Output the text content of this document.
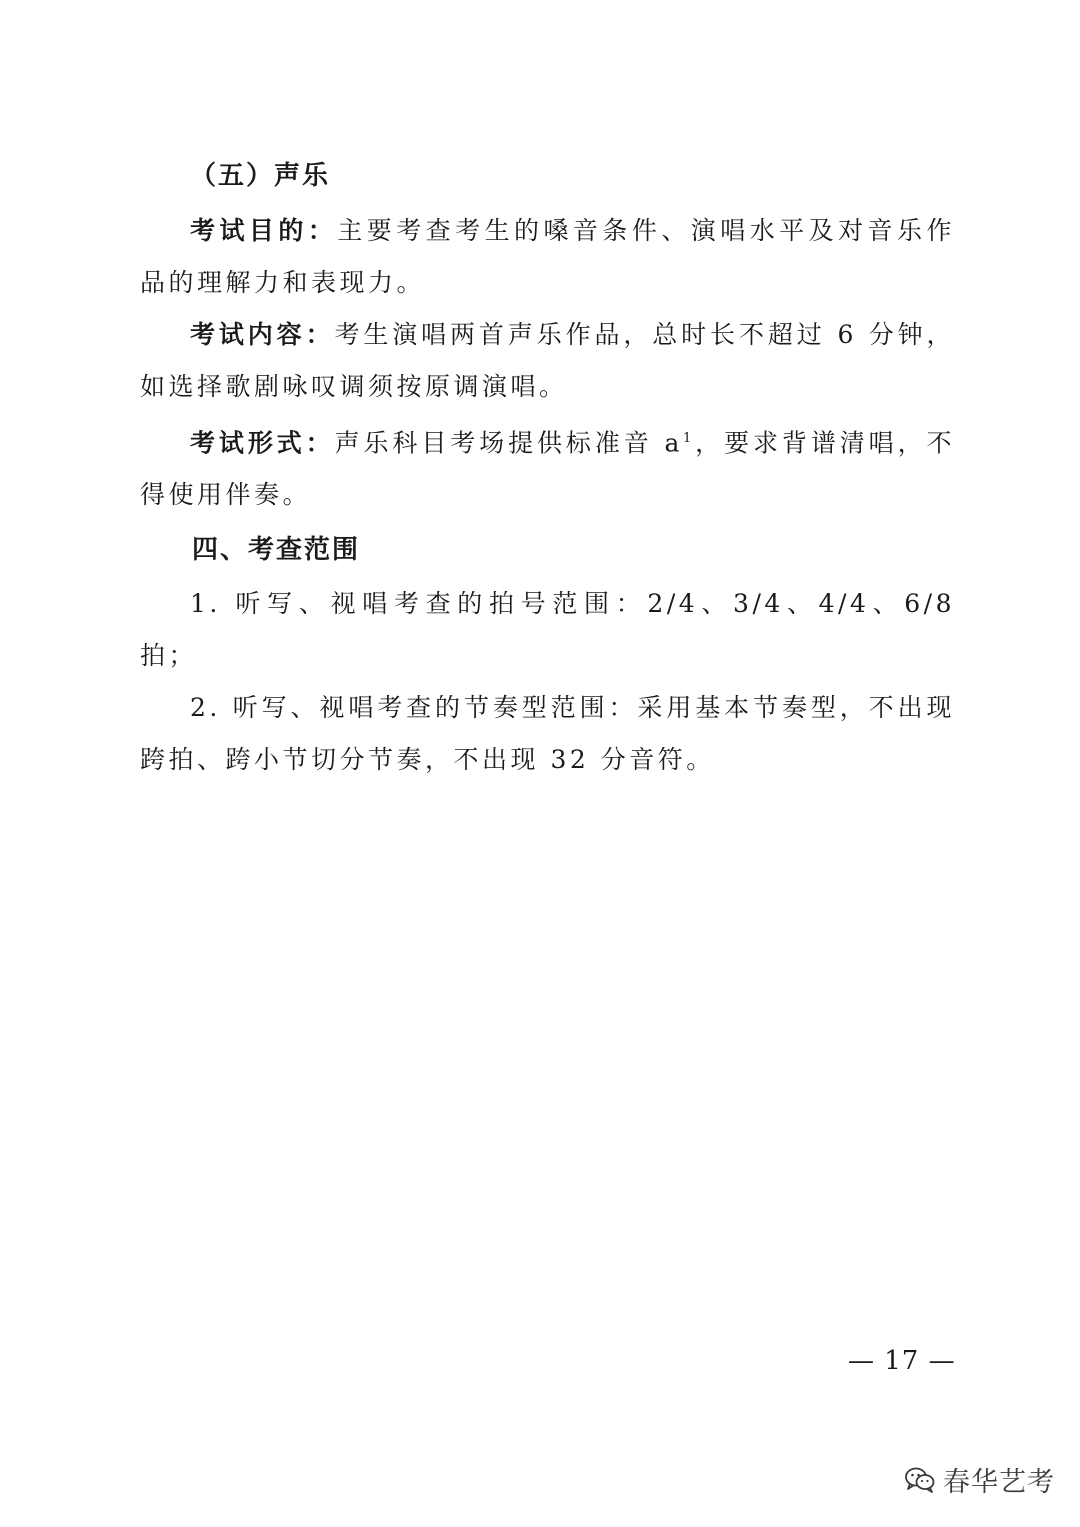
（五）声乐

考试目的：主要考查考生的嗓音条件、演唱水平及对音乐作品的理解力和表现力。

考试内容：考生演唱两首声乐作品，总时长不超过 6 分钟，如选择歌剧咏叹调须按原调演唱。

考试形式：声乐科目考场提供标准音 $a^1$，要求背谱清唱，不得使用伴奏。

四、考查范围

1. 听写、视唱考查的拍号范围：2/4、3/4、4/4、6/8 拍；

2. 听写、视唱考查的节奏型范围：采用基本节奏型，不出现跨拍、跨小节切分节奏，不出现 32 分音符。

— 17 —
春华艺考
